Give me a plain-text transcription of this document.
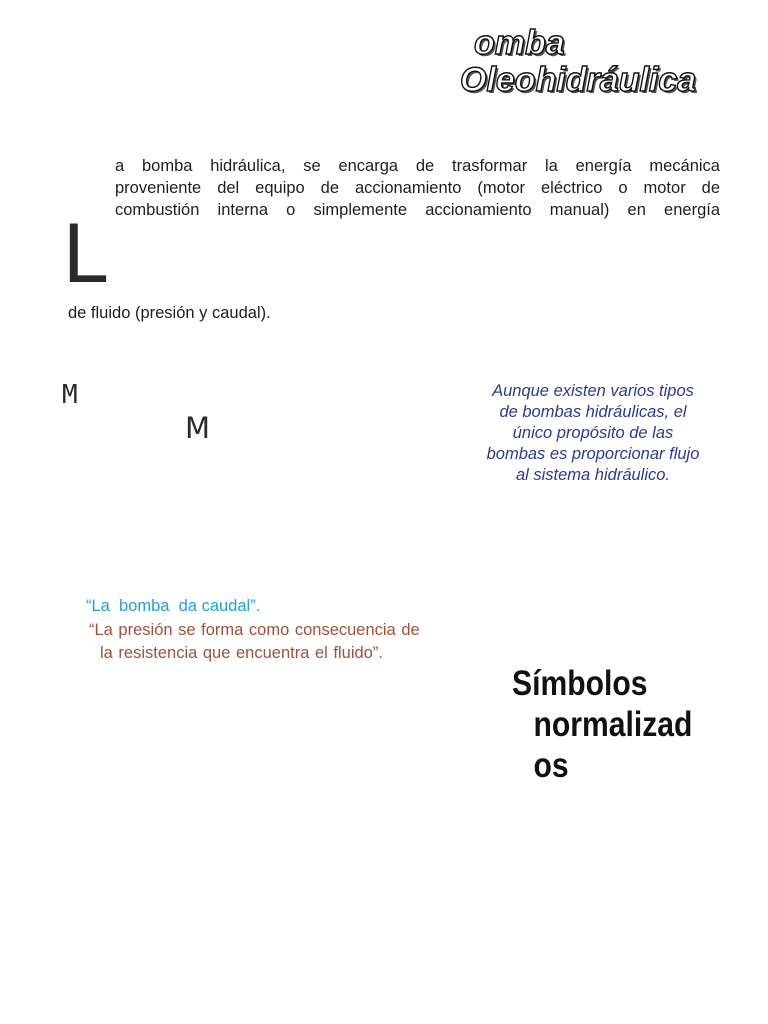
omba
Oleohidráulica
a bomba hidráulica, se encarga de trasformar la energía mecánica
proveniente del equipo de accionamiento (motor eléctrico o motor de
combustión interna o simplemente accionamiento manual) en energía
L
de fluido (presión y caudal).
M
M
Aunque existen varios tipos
de bombas hidráulicas, el
único propósito de las
bombas es proporcionar flujo
al sistema hidráulico.
“La  bomba  da caudal”.
“La presión se forma como consecuencia de
la resistencia que encuentra el fluido”.
Símbolos
normalizad
os
